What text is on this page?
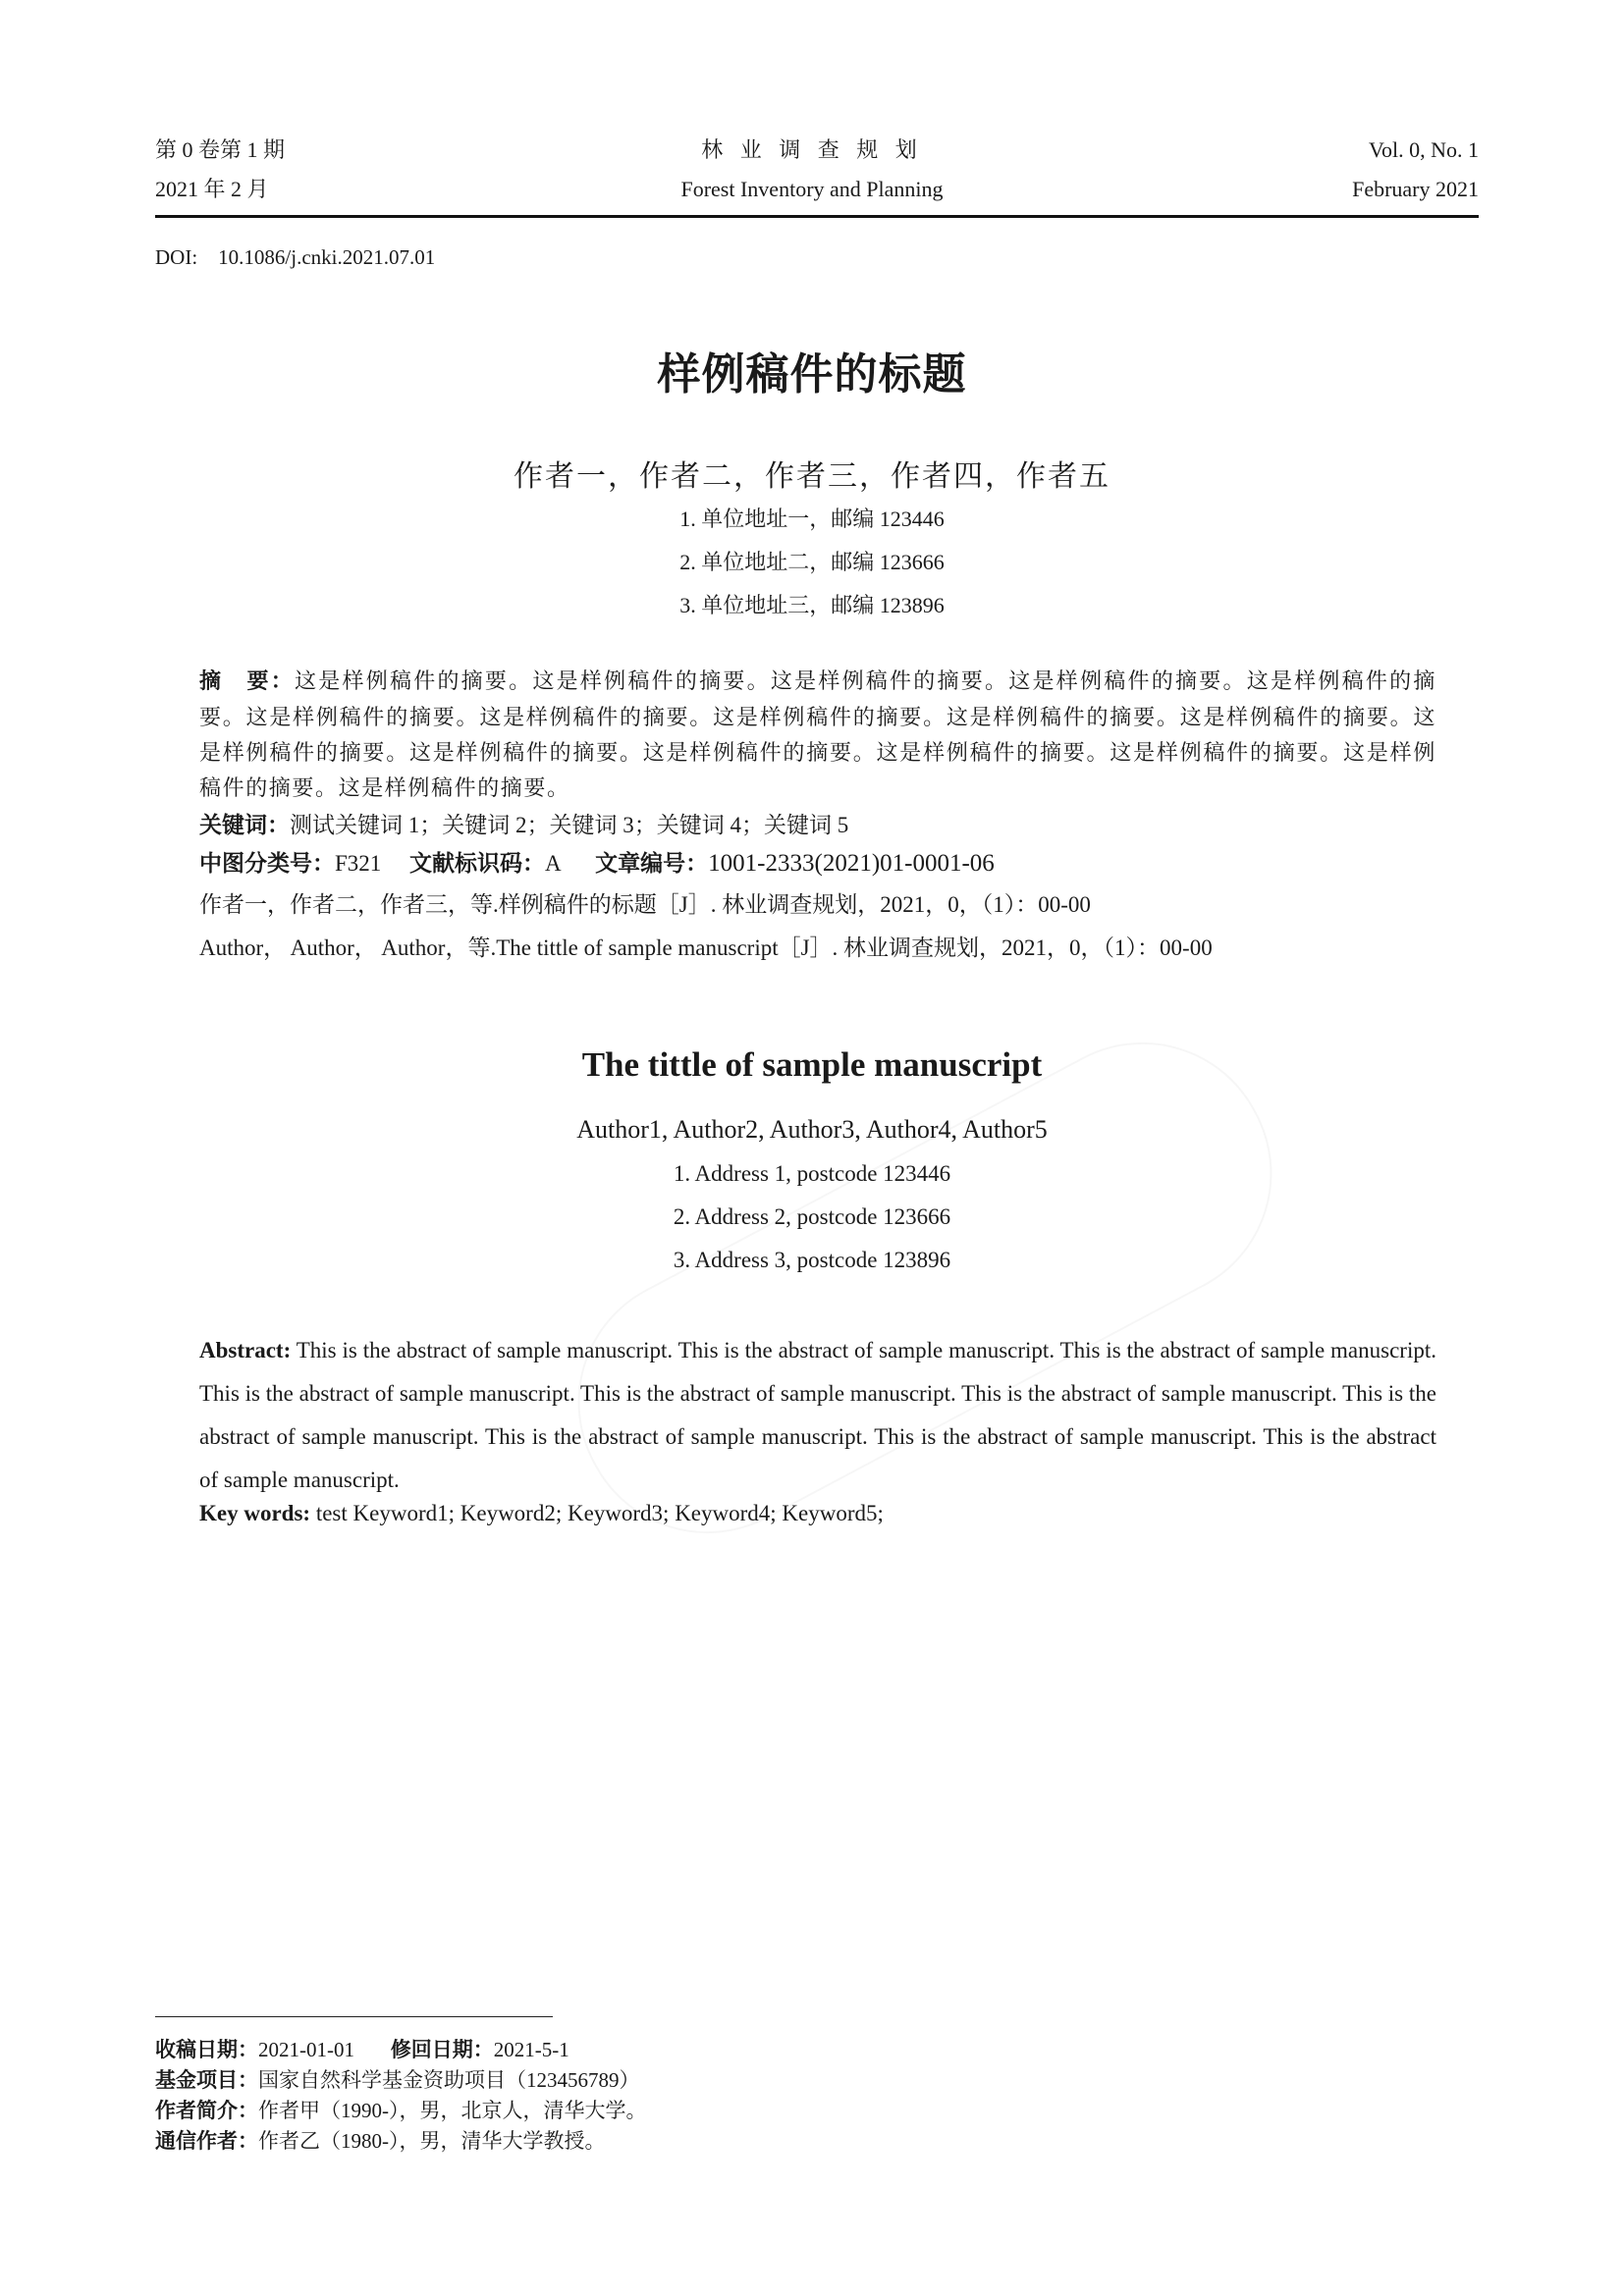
第 0 卷第 1 期
2021 年 2 月
林 业 调 查 规 划
Forest Inventory and Planning
Vol. 0, No. 1
February 2021
DOI: 10.1086/j.cnki.2021.07.01
样例稿件的标题
作者一，作者二，作者三，作者四，作者五
1. 单位地址一，邮编 123446
2. 单位地址二，邮编 123666
3. 单位地址三，邮编 123896
摘　要：这是样例稿件的摘要。这是样例稿件的摘要。这是样例稿件的摘要。这是样例稿件的摘要。这是样例稿件的摘要。这是样例稿件的摘要。这是样例稿件的摘要。这是样例稿件的摘要。这是样例稿件的摘要。这是样例稿件的摘要。这是样例稿件的摘要。这是样例稿件的摘要。这是样例稿件的摘要。这是样例稿件的摘要。这是样例稿件的摘要。这是样例稿件的摘要。这是样例稿件的摘要。
关键词：测试关键词 1；关键词 2；关键词 3；关键词 4；关键词 5
中图分类号：F321 文献标识码：A 文章编号：1001-2333(2021)01-0001-06
作者一，作者二，作者三，等.样例稿件的标题［J］. 林业调查规划，2021，0，（1）：00-00
Author， Author， Author，等.The tittle of sample manuscript［J］. 林业调查规划，2021，0，（1）：00-00
The tittle of sample manuscript
Author1, Author2, Author3, Author4, Author5
1. Address 1, postcode 123446
2. Address 2, postcode 123666
3. Address 3, postcode 123896
Abstract: This is the abstract of sample manuscript. This is the abstract of sample manuscript. This is the abstract of sample manuscript. This is the abstract of sample manuscript. This is the abstract of sample manuscript. This is the abstract of sample manuscript. This is the abstract of sample manuscript. This is the abstract of sample manuscript. This is the abstract of sample manuscript. This is the abstract of sample manuscript.
Key words: test Keyword1; Keyword2; Keyword3; Keyword4; Keyword5;
收稿日期：2021-01-01 修回日期：2021-5-1
基金项目：国家自然科学基金资助项目（123456789）
作者简介：作者甲（1990-），男，北京人，清华大学。
通信作者：作者乙（1980-），男，清华大学教授。
